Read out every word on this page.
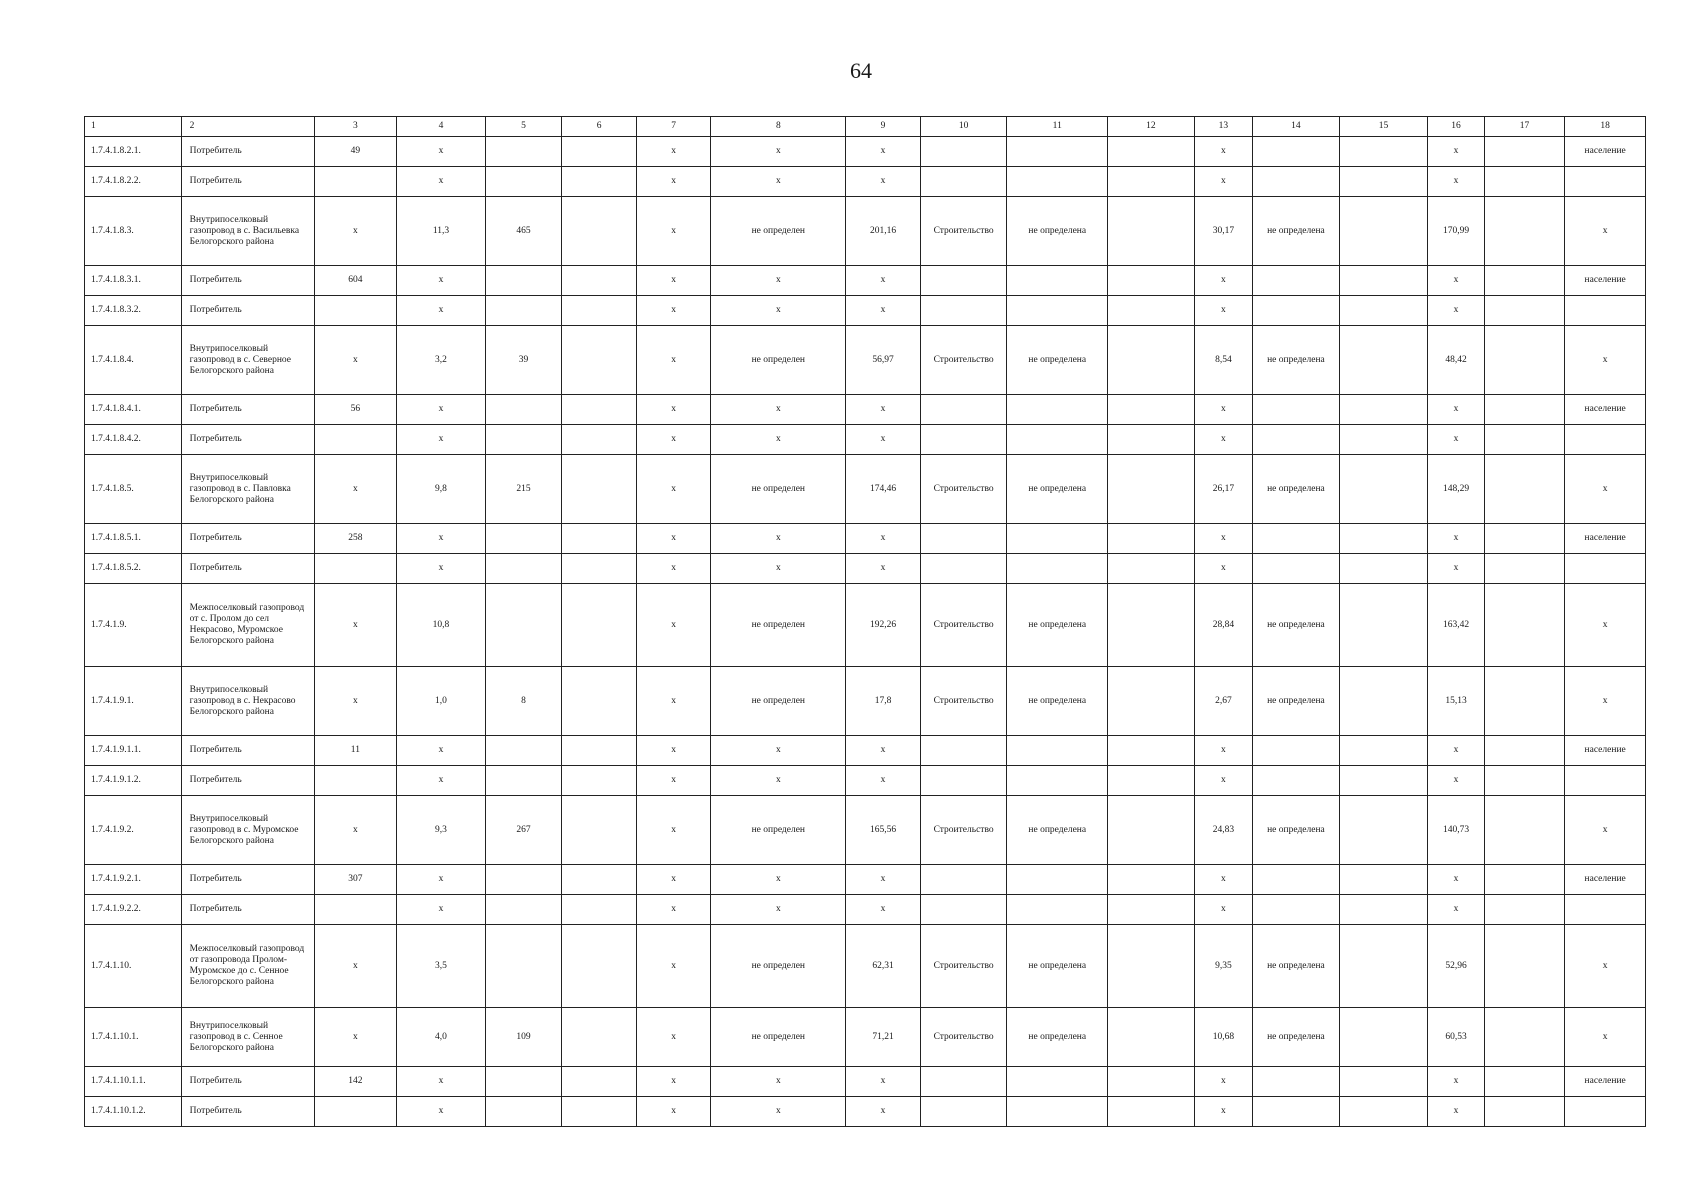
64
1	2	3	4	5	6	7	8	9	10	11	12	13	14	15	16	17	18
1.7.4.1.8.2.1.	Потребитель	49	x			x	x	x				x			x		население
1.7.4.1.8.2.2.	Потребитель		x			x	x	x				x			x		
1.7.4.1.8.3.	Внутрипоселковый газопровод в с. Васильевка Белогорского района	x	11,3	465		x	не определен	201,16	Строительство	не определена		30,17	не определена		170,99		x
1.7.4.1.8.3.1.	Потребитель	604	x			x	x	x				x			x		население
1.7.4.1.8.3.2.	Потребитель		x			x	x	x				x			x		
1.7.4.1.8.4.	Внутрипоселковый газопровод в с. Северное Белогорского района	x	3,2	39		x	не определен	56,97	Строительство	не определена		8,54	не определена		48,42		x
1.7.4.1.8.4.1.	Потребитель	56	x			x	x	x				x			x		население
1.7.4.1.8.4.2.	Потребитель		x			x	x	x				x			x		
1.7.4.1.8.5.	Внутрипоселковый газопровод в с. Павловка Белогорского района	x	9,8	215		x	не определен	174,46	Строительство	не определена		26,17	не определена		148,29		x
1.7.4.1.8.5.1.	Потребитель	258	x			x	x	x				x			x		население
1.7.4.1.8.5.2.	Потребитель		x			x	x	x				x			x		
1.7.4.1.9.	Межпоселковый газопровод от с. Пролом до сел Некрасово, Муромское Белогорского района	x	10,8			x	не определен	192,26	Строительство	не определена		28,84	не определена		163,42		x
1.7.4.1.9.1.	Внутрипоселковый газопровод в с. Некрасово Белогорского района	x	1,0	8		x	не определен	17,8	Строительство	не определена		2,67	не определена		15,13		x
1.7.4.1.9.1.1.	Потребитель	11	x			x	x	x				x			x		население
1.7.4.1.9.1.2.	Потребитель		x			x	x	x				x			x		
1.7.4.1.9.2.	Внутрипоселковый газопровод в с. Муромское Белогорского района	x	9,3	267		x	не определен	165,56	Строительство	не определена		24,83	не определена		140,73		x
1.7.4.1.9.2.1.	Потребитель	307	x			x	x	x				x			x		население
1.7.4.1.9.2.2.	Потребитель		x			x	x	x				x			x		
1.7.4.1.10.	Межпоселковый газопровод от газопровода Пролом-Муромское до с. Сенное Белогорского района	x	3,5			x	не определен	62,31	Строительство	не определена		9,35	не определена		52,96		x
1.7.4.1.10.1.	Внутрипоселковый газопровод в с. Сенное Белогорского района	x	4,0	109		x	не определен	71,21	Строительство	не определена		10,68	не определена		60,53		x
1.7.4.1.10.1.1.	Потребитель	142	x			x	x	x				x			x		население
1.7.4.1.10.1.2.	Потребитель		x			x	x	x				x			x		
